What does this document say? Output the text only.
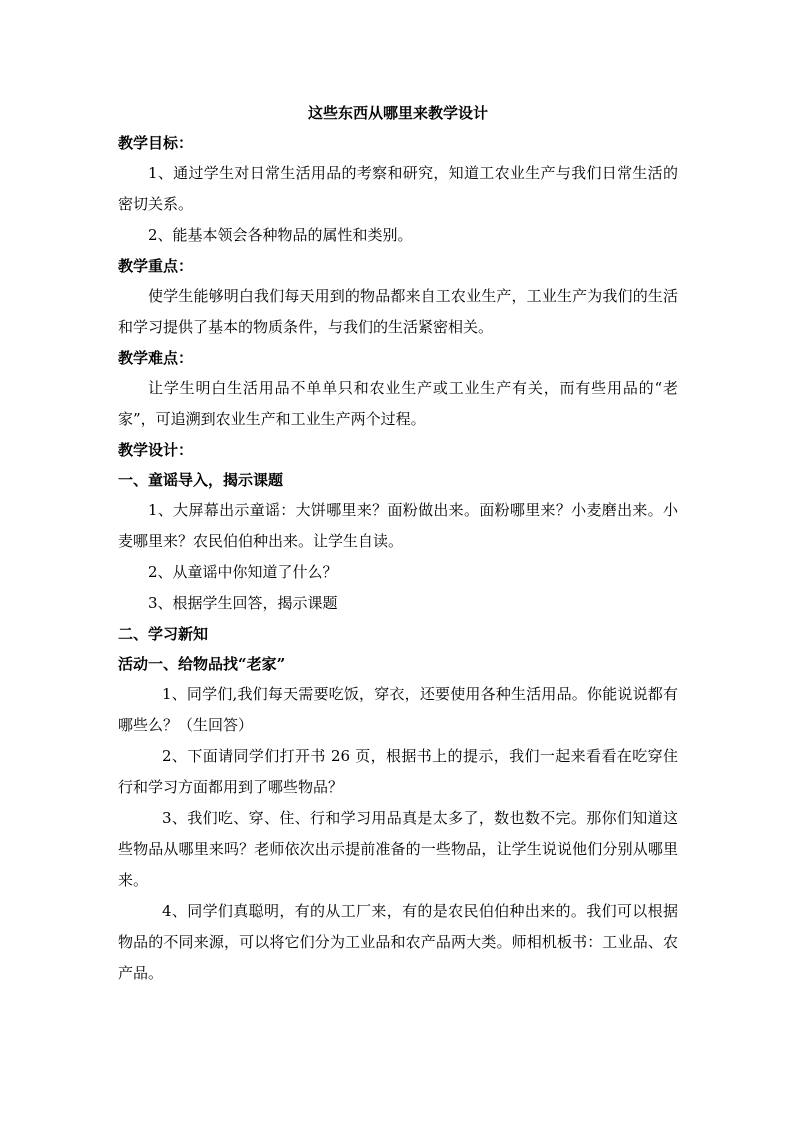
这些东西从哪里来教学设计
教学目标：
1、通过学生对日常生活用品的考察和研究，知道工农业生产与我们日常生活的密切关系。
2、能基本领会各种物品的属性和类别。
教学重点：
使学生能够明白我们每天用到的物品都来自工农业生产，工业生产为我们的生活和学习提供了基本的物质条件，与我们的生活紧密相关。
教学难点：
让学生明白生活用品不单单只和农业生产或工业生产有关，而有些用品的“老家”，可追溯到农业生产和工业生产两个过程。
教学设计：
一、童谣导入，揭示课题
1、大屏幕出示童谣：大饼哪里来？面粉做出来。面粉哪里来？小麦磨出来。小麦哪里来？农民伯伯种出来。让学生自读。
2、从童谣中你知道了什么？
3、根据学生回答，揭示课题
二、学习新知
活动一、给物品找“老家”
1、同学们,我们每天需要吃饭，穿衣，还要使用各种生活用品。你能说说都有哪些么？（生回答）
2、下面请同学们打开书 26 页，根据书上的提示，我们一起来看看在吃穿住行和学习方面都用到了哪些物品？
3、我们吃、穿、住、行和学习用品真是太多了，数也数不完。那你们知道这些物品从哪里来吗？老师依次出示提前准备的一些物品，让学生说说他们分别从哪里来。
4、同学们真聪明，有的从工厂来，有的是农民伯伯种出来的。我们可以根据物品的不同来源，可以将它们分为工业品和农产品两大类。师相机板书：工业品、农产品。
